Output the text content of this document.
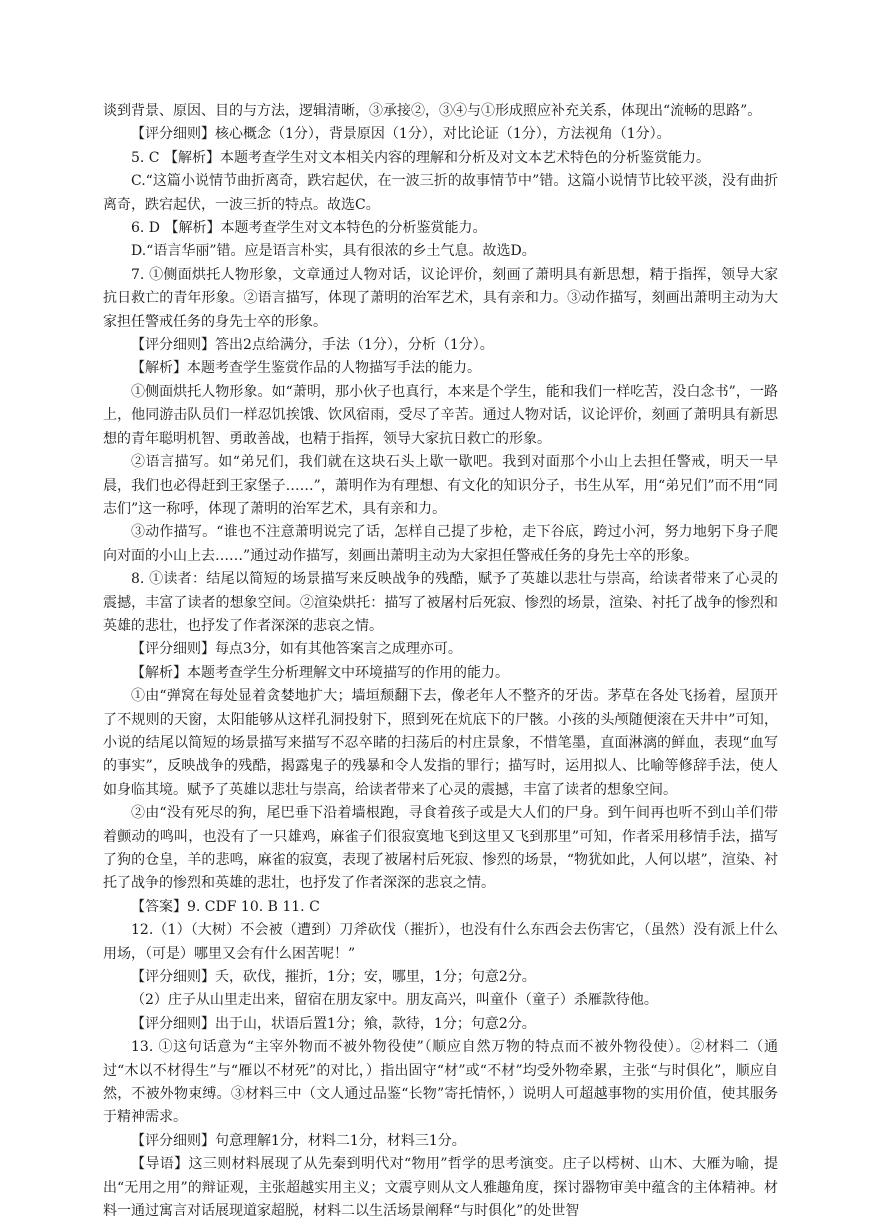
谈到背景、原因、目的与方法，逻辑清晰，③承接②，③④与①形成照应补充关系，体现出“流畅的思路”。

【评分细则】核心概念（1分），背景原因（1分），对比论证（1分），方法视角（1分）。

5. C 【解析】本题考查学生对文本相关内容的理解和分析及对文本艺术特色的分析鉴赏能力。

C.“这篇小说情节曲折离奇，跌宕起伏，在一波三折的故事情节中”错。这篇小说情节比较平淡，没有曲折离奇，跌宕起伏，一波三折的特点。故选C。

6. D 【解析】本题考查学生对文本特色的分析鉴赏能力。

D.“语言华丽”错。应是语言朴实，具有很浓的乡土气息。故选D。

7. ①侧面烘托人物形象，文章通过人物对话，议论评价，刻画了萧明具有新思想，精于指挥，领导大家抗日救亡的青年形象。②语言描写，体现了萧明的治军艺术，具有亲和力。③动作描写，刻画出萧明主动为大家担任警戒任务的身先士卒的形象。

【评分细则】答出2点给满分，手法（1分），分析（1分）。

【解析】本题考查学生鉴赏作品的人物描写手法的能力。

①侧面烘托人物形象。如“萧明，那小伙子也真行，本来是个学生，能和我们一样吃苦，没白念书”，一路上，他同游击队员们一样忍饥挨饿、饮风宿雨，受尽了辛苦。通过人物对话，议论评价，刻画了萧明具有新思想的青年聪明机智、勇敢善战，也精于指挥，领导大家抗日救亡的形象。

②语言描写。如“弟兄们，我们就在这块石头上歇一歇吧。我到对面那个小山上去担任警戒，明天一早晨，我们也必得赶到王家堡子……”，萧明作为有理想、有文化的知识分子，书生从军，用“弟兄们”而不用“同志们”这一称呼，体现了萧明的治军艺术，具有亲和力。

③动作描写。“谁也不注意萧明说完了话，怎样自己提了步枪，走下谷底，跨过小河，努力地躬下身子爬向对面的小山上去……”通过动作描写，刻画出萧明主动为大家担任警戒任务的身先士卒的形象。

8. ①读者：结尾以简短的场景描写来反映战争的残酷，赋予了英雄以悲壮与崇高，给读者带来了心灵的震撼，丰富了读者的想象空间。②渲染烘托：描写了被屠村后死寂、惨烈的场景，渲染、衬托了战争的惨烈和英雄的悲壮，也抒发了作者深深的悲哀之情。

【评分细则】每点3分，如有其他答案言之成理亦可。

【解析】本题考查学生分析理解文中环境描写的作用的能力。

①由“弹窝在每处显着贪婪地扩大；墙垣颓翻下去，像老年人不整齐的牙齿。茅草在各处飞扬着，屋顶开了不规则的天窗，太阳能够从这样孔洞投射下，照到死在炕底下的尸骸。小孩的头颅随便滚在天井中”可知，小说的结尾以简短的场景描写来描写不忍卒睹的扫荡后的村庄景象，不惜笔墨，直面淋漓的鲜血，表现“血写的事实”，反映战争的残酷，揭露鬼子的残暴和令人发指的罪行；描写时，运用拟人、比喻等修辞手法，使人如身临其境。赋予了英雄以悲壮与崇高，给读者带来了心灵的震撼，丰富了读者的想象空间。

②由“没有死尽的狗，尾巴垂下沿着墙根跑，寻食着孩子或是大人们的尸身。到午间再也听不到山羊们带着颤动的鸣叫，也没有了一只雄鸡，麻雀子们很寂寞地飞到这里又飞到那里”可知，作者采用移情手法，描写了狗的仓皇，羊的悲鸣，麻雀的寂寞，表现了被屠村后死寂、惨烈的场景，“物犹如此，人何以堪”，渲染、衬托了战争的惨烈和英雄的悲壮，也抒发了作者深深的悲哀之情。

【答案】9. CDF 10. B 11. C

12.（1）（大树）不会被（遭到）刀斧砍伐（摧折），也没有什么东西会去伤害它，（虽然）没有派上什么用场，（可是）哪里又会有什么困苦呢！”

【评分细则】夭，砍伐，摧折，1分；安，哪里，1分；句意2分。

（2）庄子从山里走出来，留宿在朋友家中。朋友高兴，叫童仆（童子）杀雁款待他。

【评分细则】出于山，状语后置1分；飨，款待，1分；句意2分。

13. ①这句话意为“主宰外物而不被外物役使”（顺应自然万物的特点而不被外物役使）。②材料二（通过“木以不材得生”与“雁以不材死”的对比，）指出固守“材”或“不材”均受外物牵累，主张“与时俱化”，顺应自然，不被外物束缚。③材料三中（文人通过品鉴“长物”寄托情怀，）说明人可超越事物的实用价值，使其服务于精神需求。

【评分细则】句意理解1分，材料二1分，材料三1分。

【导语】这三则材料展现了从先秦到明代对“物用”哲学的思考演变。庄子以樗树、山木、大雁为喻，提出“无用之用”的辩证观，主张超越实用主义；文震亨则从文人雅趣角度，探讨器物审美中蕴含的主体精神。材料一通过寓言对话展现道家超脱，材料二以生活场景阐释“与时俱化”的处世智
